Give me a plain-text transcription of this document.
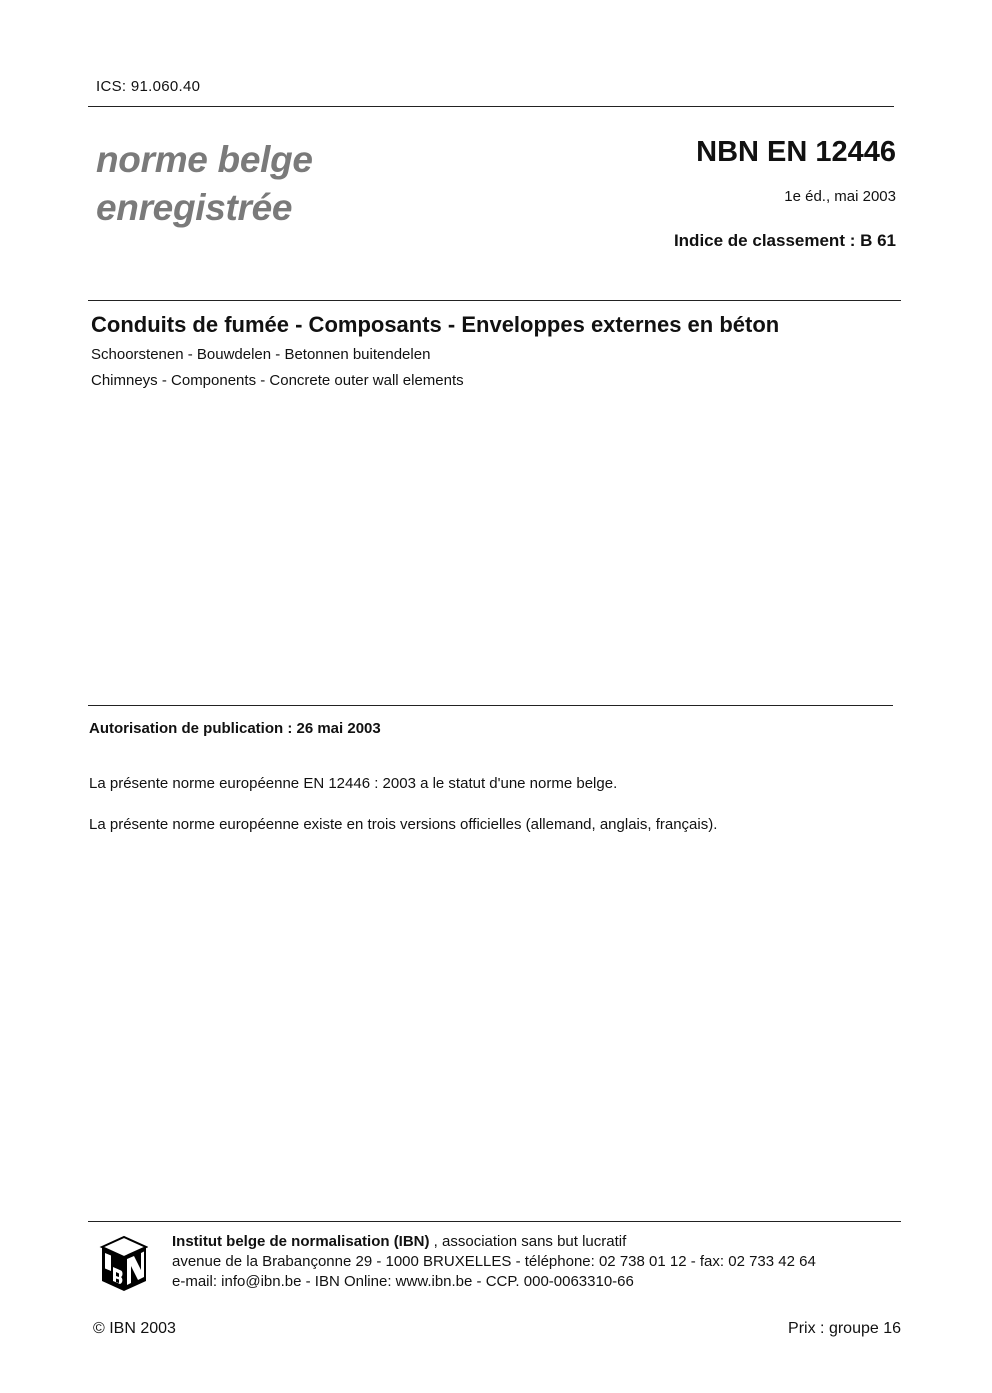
ICS: 91.060.40
norme belge
enregistrée
NBN EN 12446
1e éd., mai 2003
Indice de classement : B 61
Conduits de fumée - Composants - Enveloppes externes en béton
Schoorstenen - Bouwdelen - Betonnen buitendelen
Chimneys - Components - Concrete outer wall elements
Autorisation de publication : 26 mai 2003
La présente norme européenne EN 12446 : 2003 a le statut d'une norme belge.
La présente norme européenne existe en trois versions officielles (allemand, anglais, français).
Institut belge de normalisation (IBN) , association sans but lucratif
avenue de la Brabançonne 29 - 1000 BRUXELLES - téléphone: 02 738 01 12 - fax: 02 733 42 64
e-mail: info@ibn.be - IBN Online: www.ibn.be - CCP. 000-0063310-66
© IBN 2003	Prix : groupe 16
